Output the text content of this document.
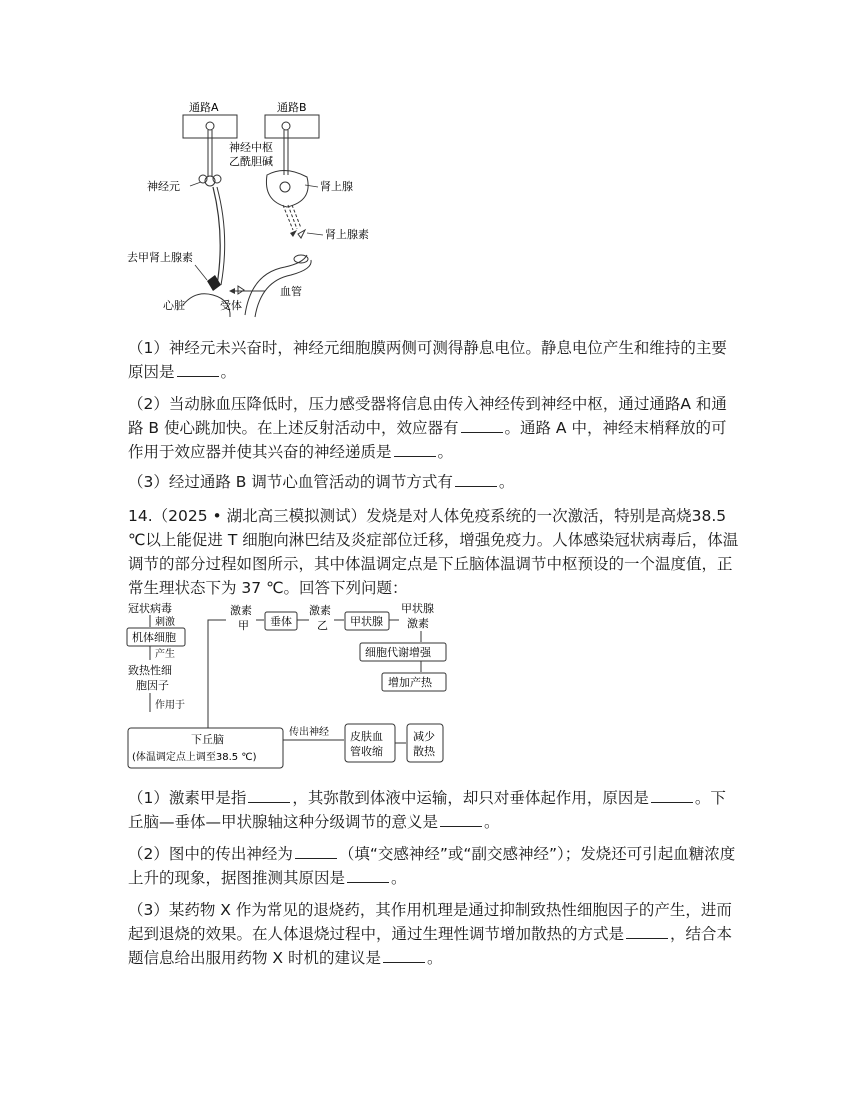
通路A	通路B
神经中枢
乙酰胆碱
神经元	肾上腺
肾上腺素
血管
去甲肾上腺素
心脏	受体

（1）神经元未兴奋时，神经元细胞膜两侧可测得静息电位。静息电位产生和维持的主要原因是	。

（2）当动脉血压降低时，压力感受器将信息由传入神经传到神经中枢，通过通路A 和通路 B 使心跳加快。在上述反射活动中，效应器有	。通路 A 中，神经末梢释放的可作用于效应器并使其兴奋的神经递质是	。

（3）经过通路 B 调节心血管活动的调节方式有	。

14.（2025 • 湖北高三模拟测试）发烧是对人体免疫系统的一次激活，特别是高烧38.5 ℃以上能促进 T 细胞向淋巴结及炎症部位迁移，增强免疫力。人体感染冠状病毒后，体温调节的部分过程如图所示，其中体温调定点是下丘脑体温调节中枢预设的一个温度值，正常生理状态下为 37 ℃。回答下列问题：

冠状病毒
刺激
机体细胞
产生
致热性细
胞因子
作用于
下丘脑
(体温调定点上调至38.5 ℃)
激素
甲 垂体
激素
乙 甲状腺
甲状腺
激素
细胞代谢增强
增加产热
传出神经 皮肤血
管收缩
减少
散热

（1）激素甲是指	，其弥散到体液中运输，却只对垂体起作用，原因是	。下丘脑—垂体—甲状腺轴这种分级调节的意义是	。

（2）图中的传出神经为	（填“交感神经”或“副交感神经”）；发烧还可引起血糖浓度上升的现象，据图推测其原因是	。

（3）某药物 X 作为常见的退烧药，其作用机理是通过抑制致热性细胞因子的产生，进而起到退烧的效果。在人体退烧过程中，通过生理性调节增加散热的方式是	，结合本题信息给出服用药物 X 时机的建议是	。
